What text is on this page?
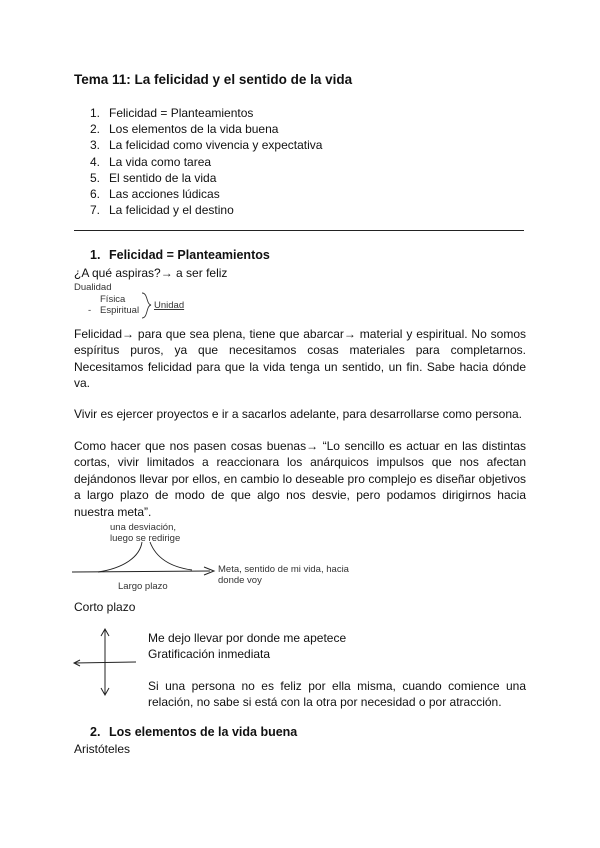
Tema 11: La felicidad y el sentido de la vida
1. Felicidad = Planteamientos
2. Los elementos de la vida buena
3. La felicidad como vivencia y expectativa
4. La vida como tarea
5. El sentido de la vida
6. Las acciones lúdicas
7. La felicidad y el destino
1. Felicidad = Planteamientos
¿A qué aspiras?→ a ser feliz
Dualidad
Física
- Espiritual Unidad
Felicidad→ para que sea plena, tiene que abarcar→ material y espiritual. No somos espíritus puros, ya que necesitamos cosas materiales para completarnos. Necesitamos felicidad para que la vida tenga un sentido, un fin. Sabe hacia dónde va.
Vivir es ejercer proyectos e ir a sacarlos adelante, para desarrollarse como persona.
Como hacer que nos pasen cosas buenas→ “Lo sencillo es actuar en las distintas cortas, vivir limitados a reaccionara los anárquicos impulsos que nos afectan dejándonos llevar por ellos, en cambio lo deseable pro complejo es diseñar objetivos a largo plazo de modo de que algo nos desvie, pero podamos dirigirnos hacia nuestra meta”.
una desviación,
luego se redirige
Meta, sentido de mi vida, hacia
donde voy
Largo plazo
Corto plazo
Me dejo llevar por donde me apetece
Gratificación inmediata
Si una persona no es feliz por ella misma, cuando comience una relación, no sabe si está con la otra por necesidad o por atracción.
2. Los elementos de la vida buena
Aristóteles
